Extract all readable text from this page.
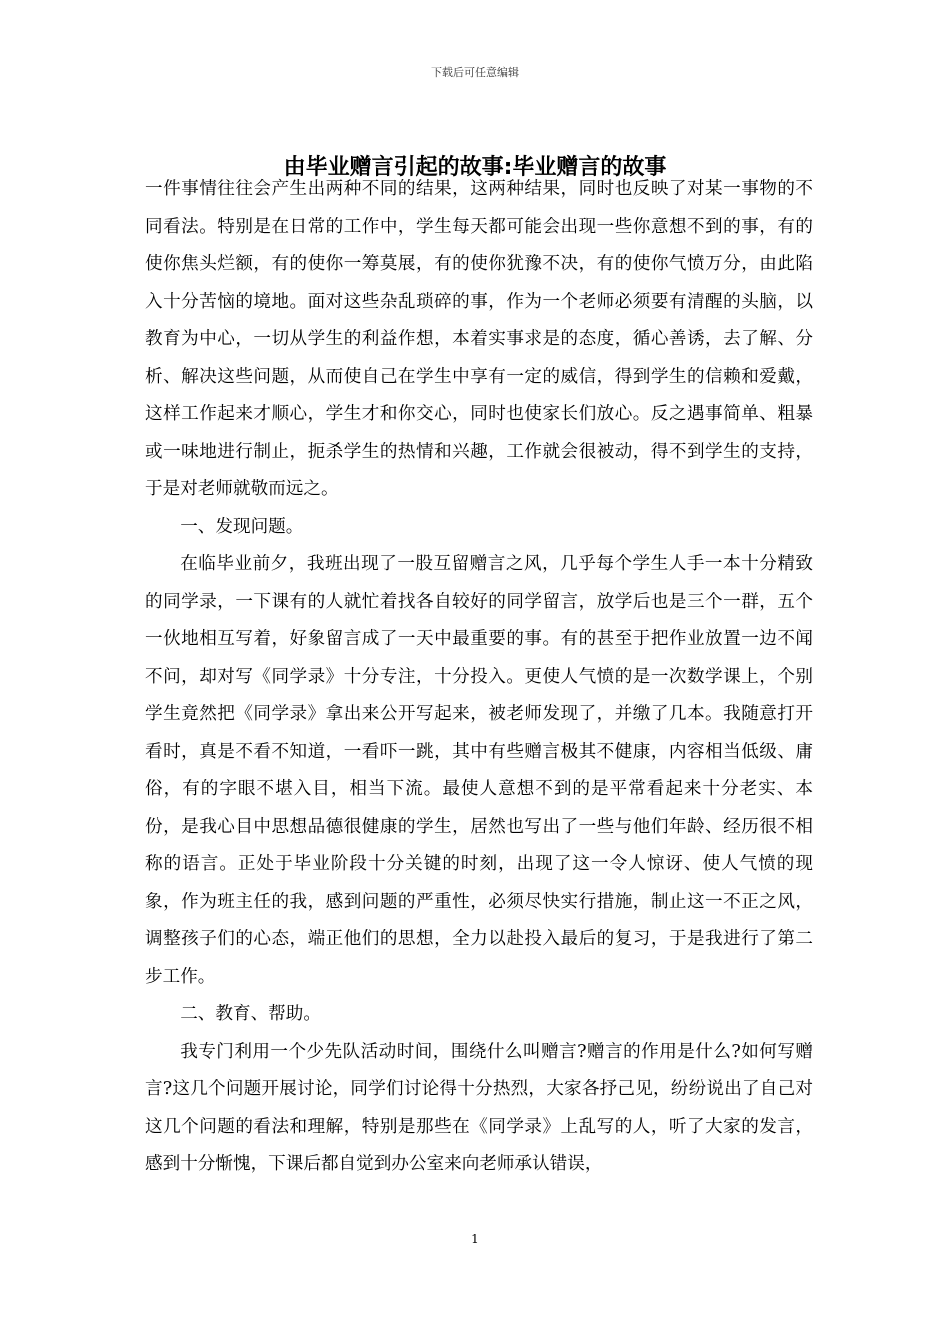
下载后可任意编辑
由毕业赠言引起的故事:毕业赠言的故事

一件事情往往会产生出两种不同的结果，这两种结果，同时也反映了对某一事物的不同看法。特别是在日常的工作中，学生每天都可能会出现一些你意想不到的事，有的使你焦头烂额，有的使你一筹莫展，有的使你犹豫不决，有的使你气愤万分，由此陷入十分苦恼的境地。面对这些杂乱琐碎的事，作为一个老师必须要有清醒的头脑，以教育为中心，一切从学生的利益作想，本着实事求是的态度，循心善诱，去了解、分析、解决这些问题，从而使自己在学生中享有一定的威信，得到学生的信赖和爱戴，这样工作起来才顺心，学生才和你交心，同时也使家长们放心。反之遇事简单、粗暴或一味地进行制止，扼杀学生的热情和兴趣，工作就会很被动，得不到学生的支持，于是对老师就敬而远之。

一、发现问题。

在临毕业前夕，我班出现了一股互留赠言之风，几乎每个学生人手一本十分精致的同学录，一下课有的人就忙着找各自较好的同学留言，放学后也是三个一群，五个一伙地相互写着，好象留言成了一天中最重要的事。有的甚至于把作业放置一边不闻不问，却对写《同学录》十分专注，十分投入。更使人气愤的是一次数学课上，个别学生竟然把《同学录》拿出来公开写起来，被老师发现了，并缴了几本。我随意打开看时，真是不看不知道，一看吓一跳，其中有些赠言极其不健康，内容相当低级、庸俗，有的字眼不堪入目，相当下流。最使人意想不到的是平常看起来十分老实、本份，是我心目中思想品德很健康的学生，居然也写出了一些与他们年龄、经历很不相称的语言。正处于毕业阶段十分关键的时刻，出现了这一令人惊讶、使人气愤的现象，作为班主任的我，感到问题的严重性，必须尽快实行措施，制止这一不正之风，调整孩子们的心态，端正他们的思想，全力以赴投入最后的复习，于是我进行了第二步工作。

二、教育、帮助。

我专门利用一个少先队活动时间，围绕什么叫赠言?赠言的作用是什么?如何写赠言?这几个问题开展讨论，同学们讨论得十分热烈，大家各抒己见，纷纷说出了自己对这几个问题的看法和理解，特别是那些在《同学录》上乱写的人，听了大家的发言，感到十分惭愧，下课后都自觉到办公室来向老师承认错误，

1
